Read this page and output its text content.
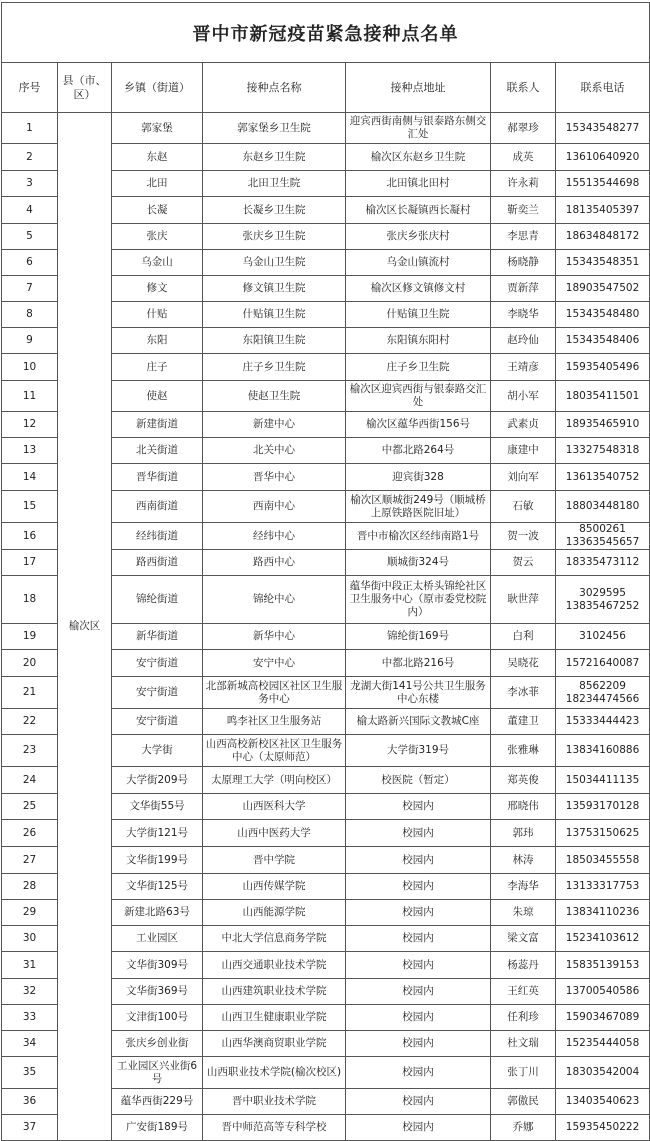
晋中市新冠疫苗紧急接种点名单						
序号	县（市、区）	乡镇（街道）	接种点名称	接种点地址	联系人	联系电话
1	榆次区	郭家堡	郭家堡乡卫生院	迎宾西街南侧与银泰路东侧交汇处	郝翠珍	15343548277
2		东赵	东赵乡卫生院	榆次区东赵乡卫生院	成英	13610640920
3		北田	北田卫生院	北田镇北田村	许永莉	15513544698
4		长凝	长凝乡卫生院	榆次区长凝镇西长凝村	靳奕兰	18135405397
5		张庆	张庆乡卫生院	张庆乡张庆村	李思青	18634848172
6		乌金山	乌金山卫生院	乌金山镇流村	杨晓静	15343548351
7		修文	修文镇卫生院	榆次区修文镇修文村	贾新萍	18903547502
8		什贴	什贴镇卫生院	什贴镇卫生院	李晓华	15343548480
9		东阳	东阳镇卫生院	东阳镇东阳村	赵玲仙	15343548406
10		庄子	庄子乡卫生院	庄子乡卫生院	王靖彦	15935405496
11		使赵	使赵卫生院	榆次区迎宾西街与银泰路交汇处	胡小军	18035411501
12		新建街道	新建中心	榆次区蕴华西街156号	武素贞	18935465910
13		北关街道	北关中心	中都北路264号	康建中	13327548318
14		晋华街道	晋华中心	迎宾街328	刘向军	13613540752
15		西南街道	西南中心	榆次区顺城街249号（顺城桥上原铁路医院旧址）	石敏	18803448180
16		经纬街道	经纬中心	晋中市榆次区经纬南路1号	贺一波	8500261 13363545657
17		路西街道	路西中心	顺城街324号	贺云	18335473112
18		锦纶街道	锦纶中心	蕴华街中段正太桥头锦纶社区卫生服务中心（原市委党校院内）	耿世萍	3029595 13835467252
19		新华街道	新华中心	锦纶街169号	白利	3102456
20		安宁街道	安宁中心	中都北路216号	吴晓花	15721640087
21		安宁街道	北部新城高校园区社区卫生服务中心	龙湖大街141号公共卫生服务中心东楼	李冰菲	8562209 18234474566
22		安宁街道	鸣李社区卫生服务站	榆太路新兴国际文教城C座	董建卫	15333444423
23		大学街	山西高校新校区社区卫生服务中心（太原师范）	大学街319号	张雅琳	13834160886
24		大学街209号	太原理工大学（明向校区）	校医院（暂定）	郑英俊	15034411135
25		文华街55号	山西医科大学	校园内	邢晓伟	13593170128
26		大学街121号	山西中医药大学	校园内	郭玮	13753150625
27		文华街199号	晋中学院	校园内	林涛	18503455558
28		文华街125号	山西传媒学院	校园内	李海华	13133317753
29		新建北路63号	山西能源学院	校园内	朱琼	13834110236
30		工业园区	中北大学信息商务学院	校园内	梁文富	15234103612
31		文华街309号	山西交通职业技术学院	校园内	杨蕊丹	15835139153
32		文华街369号	山西建筑职业技术学院	校园内	王红英	13700540586
33		文津街100号	山西卫生健康职业学院	校园内	任利珍	15903467089
34		张庆乡创业街	山西华澳商贸职业学院	校园内	杜文瑞	15235444058
35		工业园区兴业街6号	山西职业技术学院(榆次校区)	校园内	张丁川	18303542004
36		蕴华西街229号	晋中职业技术学院	校园内	郭傲民	13403540623
37		广安街189号	晋中师范高等专科学校	校园内	乔娜	15935450222
